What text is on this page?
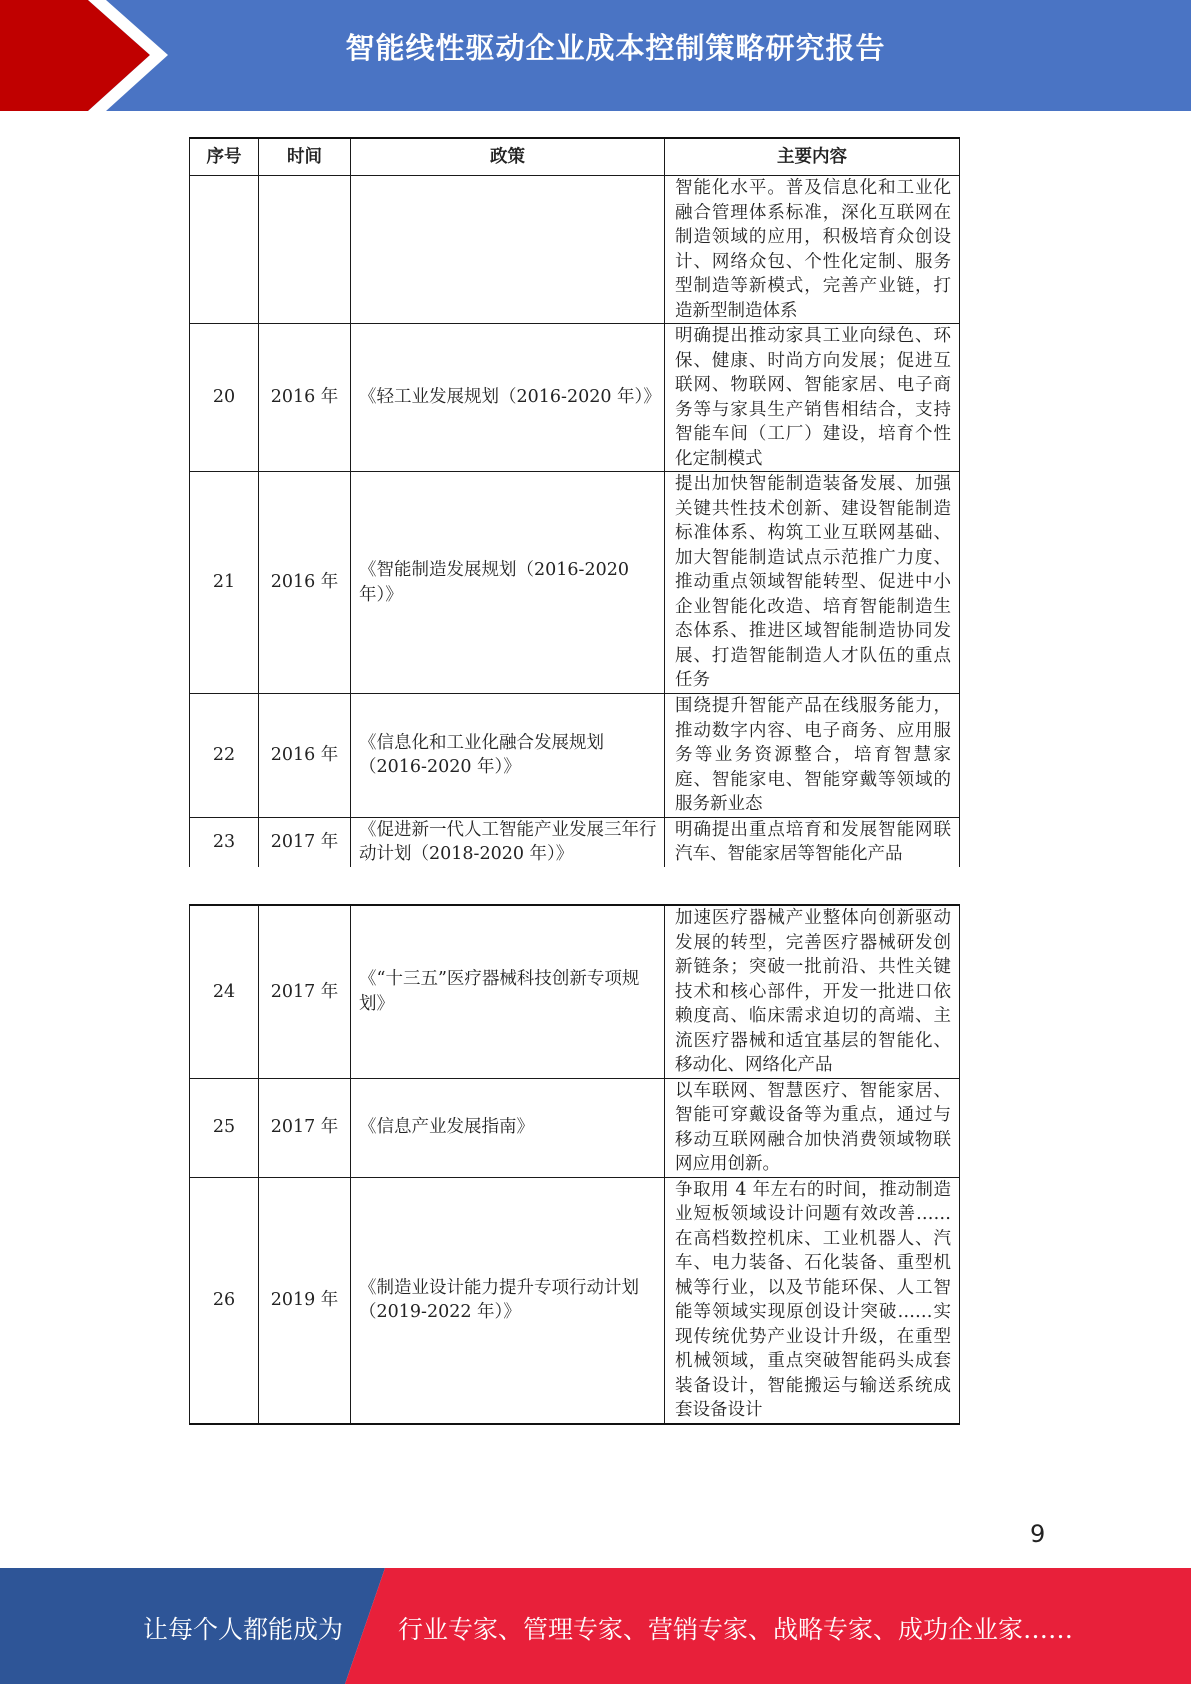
智能线性驱动企业成本控制策略研究报告
序号	时间	政策	主要内容
			智能化水平。普及信息化和工业化融合管理体系标准，深化互联网在制造领域的应用，积极培育众创设计、网络众包、个性化定制、服务型制造等新模式，完善产业链，打造新型制造体系
20	2016 年	《轻工业发展规划（2016-2020 年）》	明确提出推动家具工业向绿色、环保、健康、时尚方向发展；促进互联网、物联网、智能家居、电子商务等与家具生产销售相结合，支持智能车间（工厂）建设，培育个性化定制模式
21	2016 年	《智能制造发展规划（2016-2020 年）》	提出加快智能制造装备发展、加强关键共性技术创新、建设智能制造标准体系、构筑工业互联网基础、加大智能制造试点示范推广力度、推动重点领域智能转型、促进中小企业智能化改造、培育智能制造生态体系、推进区域智能制造协同发展、打造智能制造人才队伍的重点任务
22	2016 年	《信息化和工业化融合发展规划（2016-2020 年）》	围绕提升智能产品在线服务能力，推动数字内容、电子商务、应用服务等业务资源整合，培育智慧家庭、智能家电、智能穿戴等领域的服务新业态
23	2017 年	《促进新一代人工智能产业发展三年行动计划（2018-2020 年）》	明确提出重点培育和发展智能网联汽车、智能家居等智能化产品
24	2017 年	《“十三五”医疗器械科技创新专项规划》	加速医疗器械产业整体向创新驱动发展的转型，完善医疗器械研发创新链条；突破一批前沿、共性关键技术和核心部件，开发一批进口依赖度高、临床需求迫切的高端、主流医疗器械和适宜基层的智能化、移动化、网络化产品
25	2017 年	《信息产业发展指南》	以车联网、智慧医疗、智能家居、智能可穿戴设备等为重点，通过与移动互联网融合加快消费领域物联网应用创新。
26	2019 年	《制造业设计能力提升专项行动计划（2019-2022 年）》	争取用 4 年左右的时间，推动制造业短板领域设计问题有效改善……在高档数控机床、工业机器人、汽车、电力装备、石化装备、重型机械等行业，以及节能环保、人工智能等领域实现原创设计突破……实现传统优势产业设计升级，在重型机械领域，重点突破智能码头成套装备设计，智能搬运与输送系统成套设备设计
9
让每个人都能成为 行业专家、管理专家、营销专家、战略专家、成功企业家……
